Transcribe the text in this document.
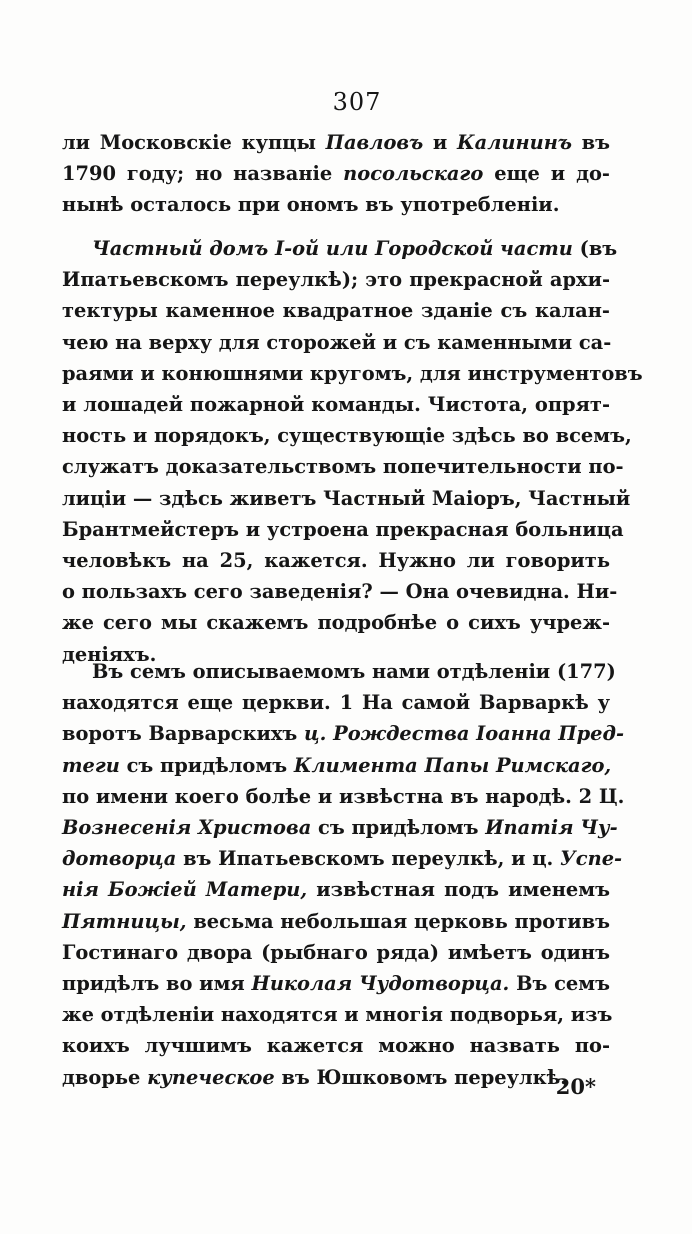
307
ли Московскіе купцы Павловъ и Калининъ въ
1790 году; но названіе посольскаго еще и до-
нынѣ осталось при ономъ въ употребленіи.
Частный домъ I-ой или Городской части (въ
Ипатьевскомъ переулкѣ); это прекрасной архи-
тектуры каменное квадратное зданіе съ калан-
чею на верху для сторожей и съ каменными са-
раями и конюшнями кругомъ, для инструментовъ
и лошадей пожарной команды. Чистота, опрят-
ность и порядокъ, существующіе здѣсь во всемъ,
служатъ доказательствомъ попечительности по-
лиціи — здѣсь живетъ Частный Маіоръ, Частный
Брантмейстеръ и устроена прекрасная больница
человѣкъ на 25, кажется. Нужно ли говорить
о пользахъ сего заведенія? — Она очевидна. Ни-
же сего мы скажемъ подробнѣе о сихъ учреж-
деніяхъ.
Въ семъ описываемомъ нами отдѣленіи (177)
находятся еще церкви. 1 На самой Варваркѣ у
воротъ Варварскихъ ц. Рождества Іоанна Пред-
теги съ придѣломъ Климента Папы Римскаго,
по имени коего болѣе и извѣстна въ народѣ. 2 Ц.
Вознесенія Христова съ придѣломъ Ипатія Чу-
дотворца въ Ипатьевскомъ переулкѣ, и ц. Успе-
нія Божіей Матери, извѣстная подъ именемъ
Пятницы, весьма небольшая церковь противъ
Гостинаго двора (рыбнаго ряда) имѣетъ одинъ
придѣлъ во имя Николая Чудотворца. Въ семъ
же отдѣленіи находятся и многія подворья, изъ
коихъ лучшимъ кажется можно назвать по-
дворье купеческое въ Юшковомъ переулкѣ.
20*
